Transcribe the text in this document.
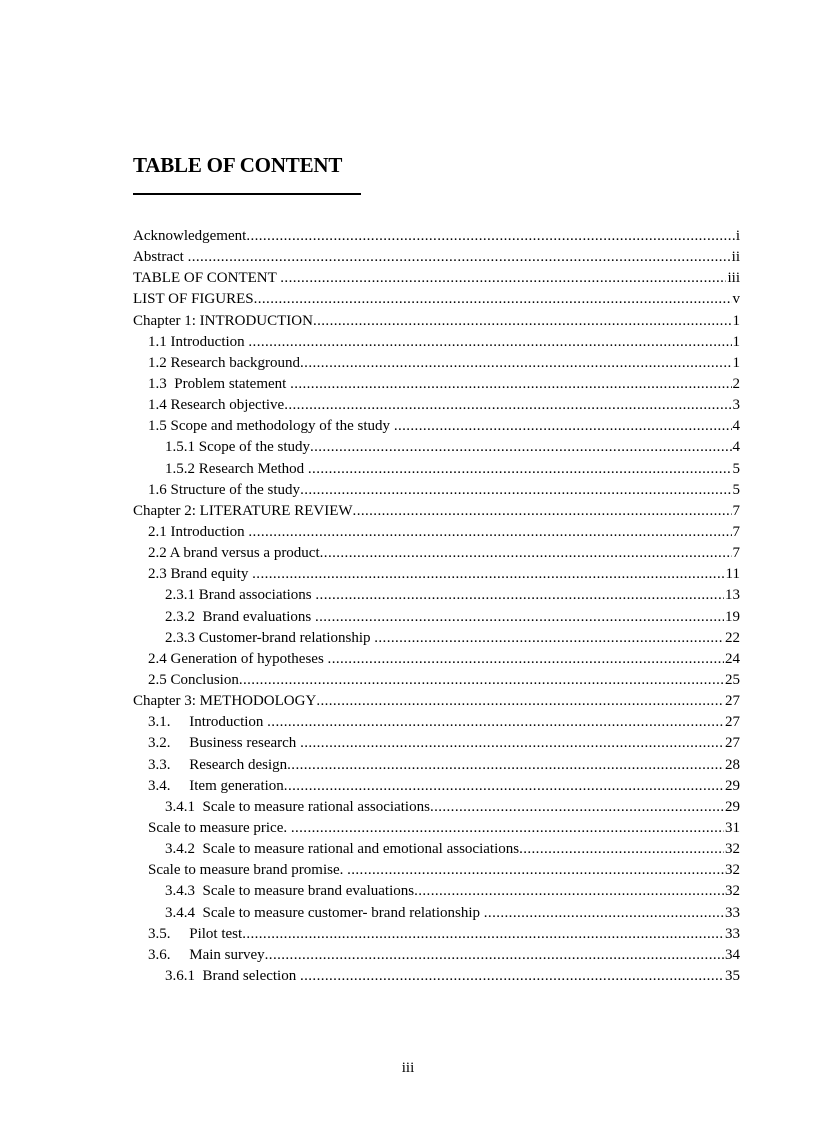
TABLE OF CONTENT
Acknowledgement .....	i
Abstract .....	ii
TABLE OF CONTENT .....	iii
LIST OF FIGURES .....	v
Chapter 1: INTRODUCTION .....	1
1.1 Introduction .....	1
1.2 Research background .....	1
1.3  Problem statement .....	2
1.4 Research objective .....	3
1.5 Scope and methodology of the study .....	4
1.5.1 Scope of the study .....	4
1.5.2 Research Method .....	5
1.6 Structure of the study .....	5
Chapter 2: LITERATURE REVIEW .....	7
2.1 Introduction .....	7
2.2 A brand versus a product .....	7
2.3 Brand equity .....	11
2.3.1 Brand associations .....	13
2.3.2  Brand evaluations .....	19
2.3.3 Customer-brand relationship .....	22
2.4 Generation of hypotheses .....	24
2.5 Conclusion .....	25
Chapter 3: METHODOLOGY .....	27
3.1.     Introduction .....	27
3.2.     Business research .....	27
3.3.     Research design .....	28
3.4.     Item generation .....	29
3.4.1  Scale to measure rational associations .....	29
Scale to measure price. .....	31
3.4.2  Scale to measure rational and emotional associations .....	32
Scale to measure brand promise. .....	32
3.4.3  Scale to measure brand evaluations .....	32
3.4.4  Scale to measure customer- brand relationship .....	33
3.5.     Pilot test .....	33
3.6.     Main survey .....	34
3.6.1  Brand selection .....	35
iii
